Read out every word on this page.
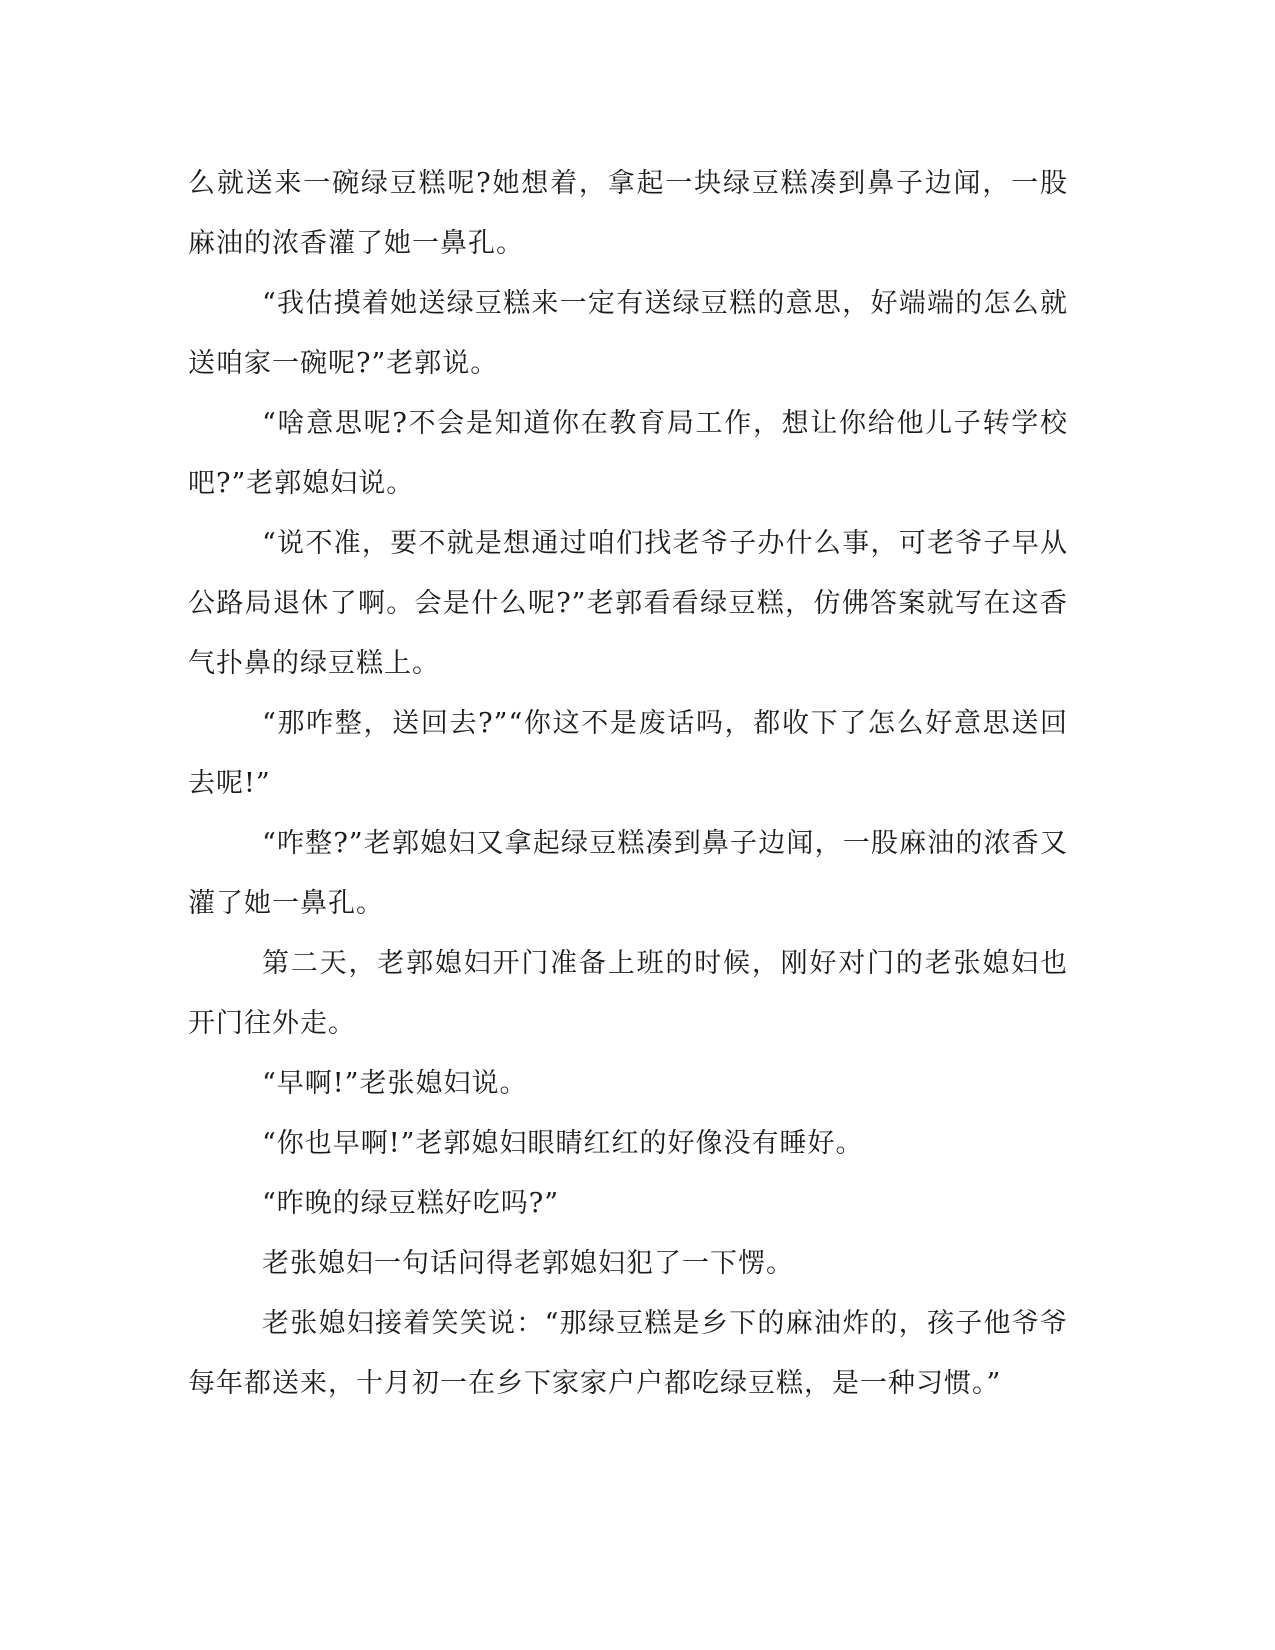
么就送来一碗绿豆糕呢?她想着，拿起一块绿豆糕凑到鼻子边闻，一股麻油的浓香灌了她一鼻孔。

“我估摸着她送绿豆糕来一定有送绿豆糕的意思，好端端的怎么就送咱家一碗呢?”老郭说。

“啥意思呢?不会是知道你在教育局工作，想让你给他儿子转学校吧?”老郭媳妇说。

“说不准，要不就是想通过咱们找老爷子办什么事，可老爷子早从公路局退休了啊。会是什么呢?”老郭看看绿豆糕，仿佛答案就写在这香气扑鼻的绿豆糕上。

“那咋整，送回去?”“你这不是废话吗，都收下了怎么好意思送回去呢!”

“咋整?”老郭媳妇又拿起绿豆糕凑到鼻子边闻，一股麻油的浓香又灌了她一鼻孔。

第二天，老郭媳妇开门准备上班的时候，刚好对门的老张媳妇也开门往外走。

“早啊!”老张媳妇说。

“你也早啊!”老郭媳妇眼睛红红的好像没有睡好。

“昨晚的绿豆糕好吃吗?”

老张媳妇一句话问得老郭媳妇犯了一下愣。

老张媳妇接着笑笑说：“那绿豆糕是乡下的麻油炸的，孩子他爷爷每年都送来，十月初一在乡下家家户户都吃绿豆糕，是一种习惯。”
